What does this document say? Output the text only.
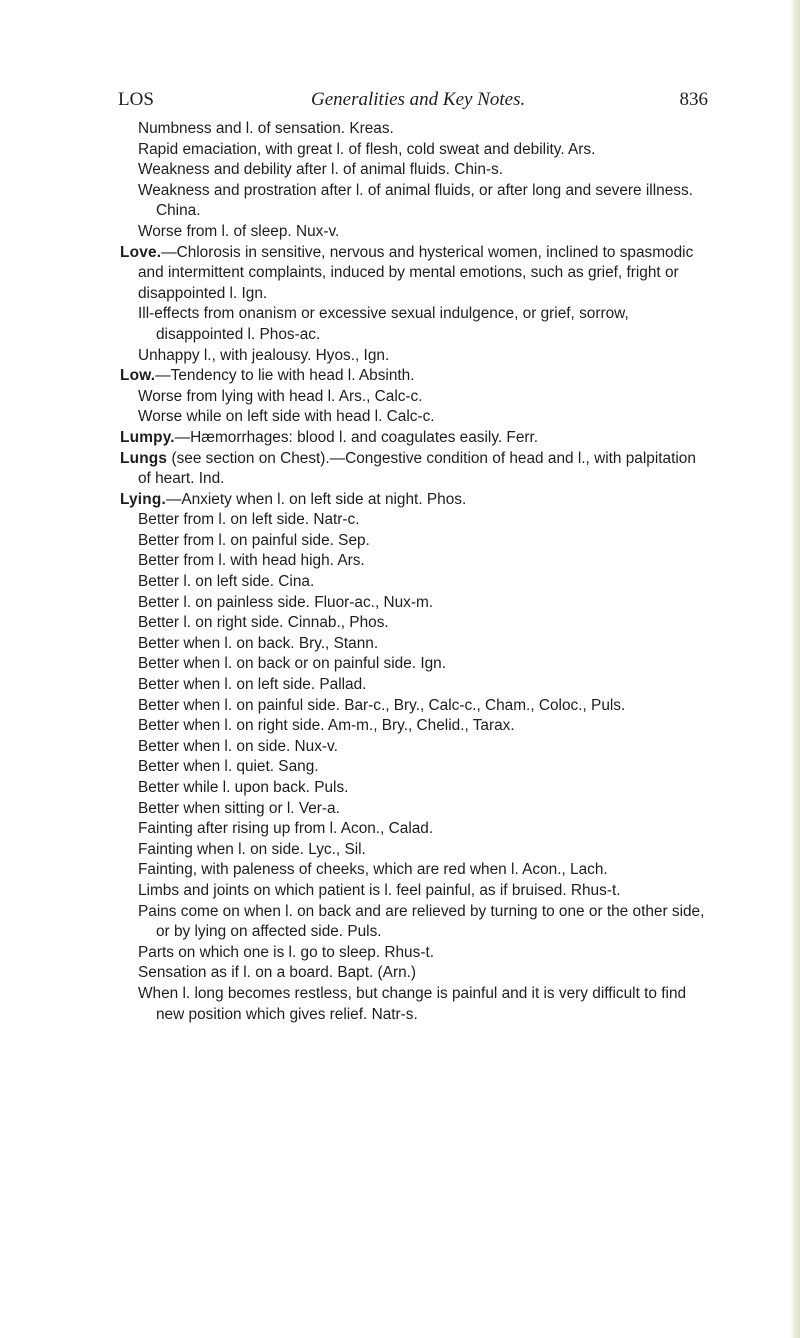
LOS	Generalities and Key Notes.	836

Numbness and l. of sensation. Kreas.

Rapid emaciation, with great l. of flesh, cold sweat and debility. Ars.

Weakness and debility after l. of animal fluids. Chin-s.

Weakness and prostration after l. of animal fluids, or after long and severe illness. China.

Worse from l. of sleep. Nux-v.

Love.—Chlorosis in sensitive, nervous and hysterical women, inclined to spasmodic and intermittent complaints, induced by mental emotions, such as grief, fright or disappointed l. Ign.

Ill-effects from onanism or excessive sexual indulgence, or grief, sorrow, disappointed l. Phos-ac.

Unhappy l., with jealousy. Hyos., Ign.

Low.—Tendency to lie with head l. Absinth.

Worse from lying with head l. Ars., Calc-c.

Worse while on left side with head l. Calc-c.

Lumpy.—Hæmorrhages: blood l. and coagulates easily. Ferr.

Lungs (see section on Chest).—Congestive condition of head and l., with palpitation of heart. Ind.

Lying.—Anxiety when l. on left side at night. Phos.

Better from l. on left side. Natr-c.

Better from l. on painful side. Sep.

Better from l. with head high. Ars.

Better l. on left side. Cina.

Better l. on painless side. Fluor-ac., Nux-m.

Better l. on right side. Cinnab., Phos.

Better when l. on back. Bry., Stann.

Better when l. on back or on painful side. Ign.

Better when l. on left side. Pallad.

Better when l. on painful side. Bar-c., Bry., Calc-c., Cham., Coloc., Puls.

Better when l. on right side. Am-m., Bry., Chelid., Tarax.

Better when l. on side. Nux-v.

Better when l. quiet. Sang.

Better while l. upon back. Puls.

Better when sitting or l. Ver-a.

Fainting after rising up from l. Acon., Calad.

Fainting when l. on side. Lyc., Sil.

Fainting, with paleness of cheeks, which are red when l. Acon., Lach.

Limbs and joints on which patient is l. feel painful, as if bruised. Rhus-t.

Pains come on when l. on back and are relieved by turning to one or the other side, or by lying on affected side. Puls.

Parts on which one is l. go to sleep. Rhus-t.

Sensation as if l. on a board. Bapt. (Arn.)

When l. long becomes restless, but change is painful and it is very difficult to find new position which gives relief. Natr-s.
